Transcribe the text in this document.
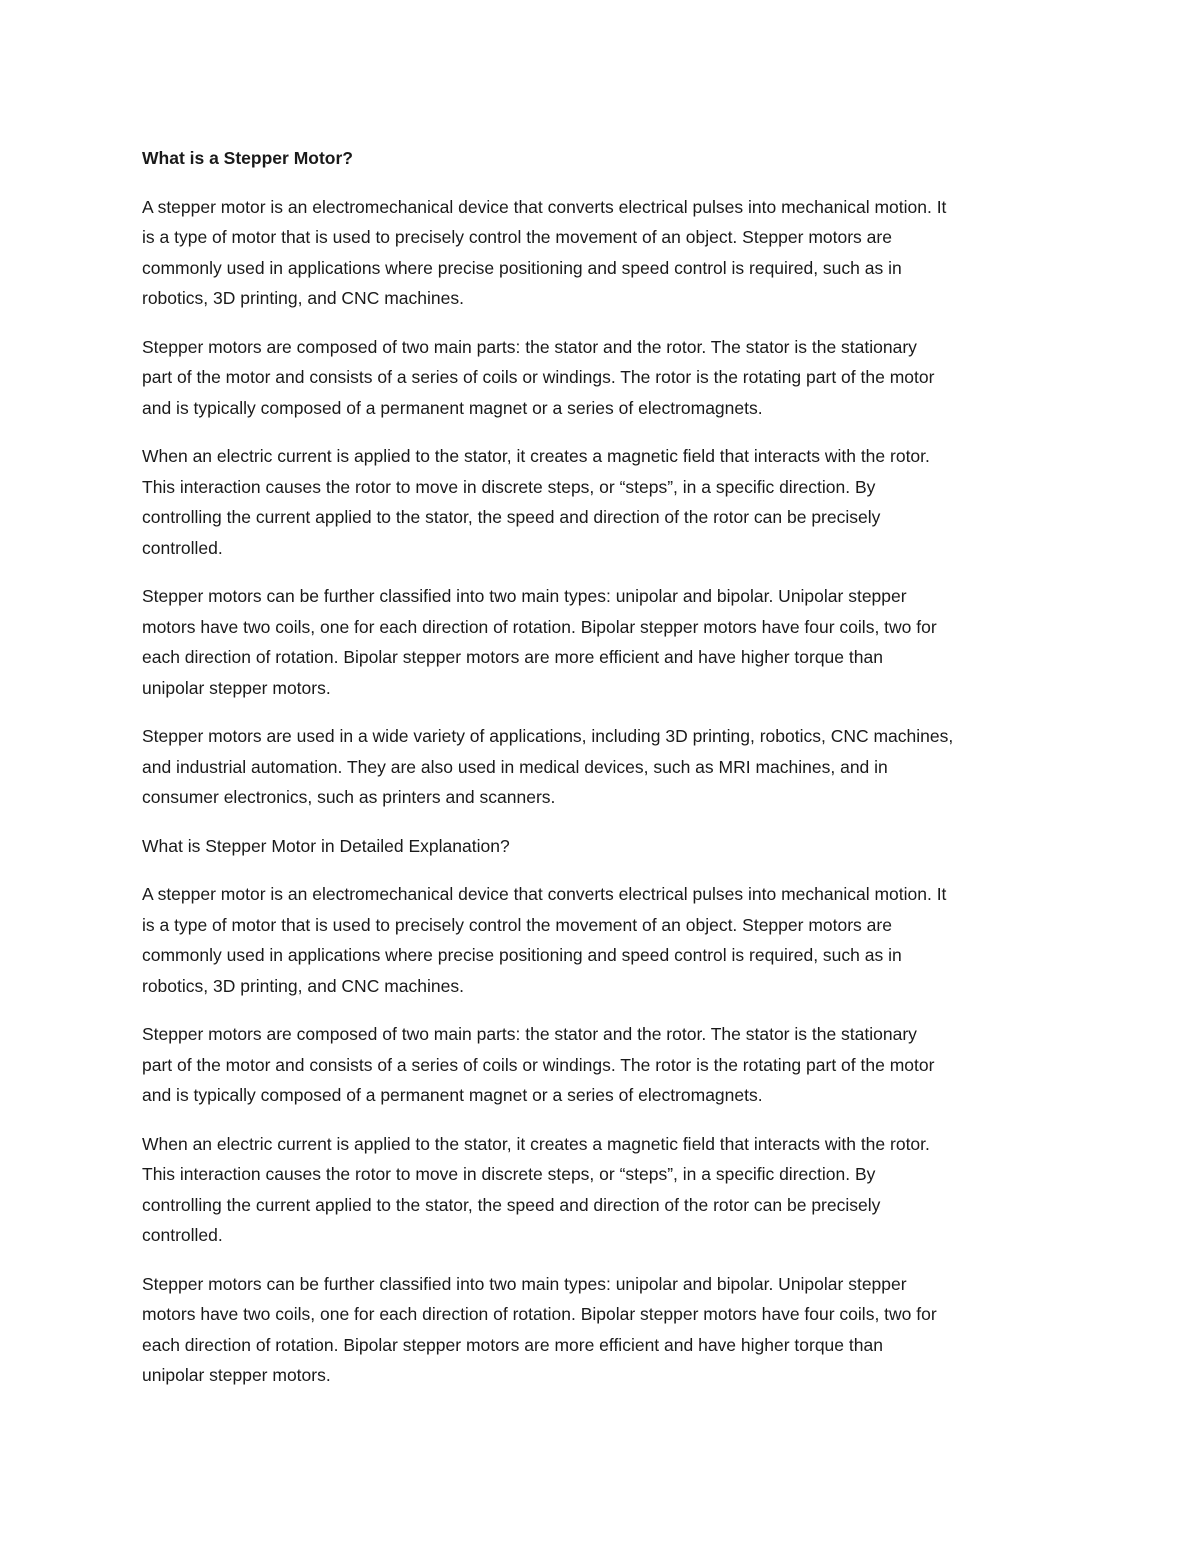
What is a Stepper Motor?

A stepper motor is an electromechanical device that converts electrical pulses into mechanical motion. It
is a type of motor that is used to precisely control the movement of an object. Stepper motors are
commonly used in applications where precise positioning and speed control is required, such as in
robotics, 3D printing, and CNC machines.

Stepper motors are composed of two main parts: the stator and the rotor. The stator is the stationary
part of the motor and consists of a series of coils or windings. The rotor is the rotating part of the motor
and is typically composed of a permanent magnet or a series of electromagnets.

When an electric current is applied to the stator, it creates a magnetic field that interacts with the rotor.
This interaction causes the rotor to move in discrete steps, or “steps”, in a specific direction. By
controlling the current applied to the stator, the speed and direction of the rotor can be precisely
controlled.

Stepper motors can be further classified into two main types: unipolar and bipolar. Unipolar stepper
motors have two coils, one for each direction of rotation. Bipolar stepper motors have four coils, two for
each direction of rotation. Bipolar stepper motors are more efficient and have higher torque than
unipolar stepper motors.

Stepper motors are used in a wide variety of applications, including 3D printing, robotics, CNC machines,
and industrial automation. They are also used in medical devices, such as MRI machines, and in
consumer electronics, such as printers and scanners.

What is Stepper Motor in Detailed Explanation?

A stepper motor is an electromechanical device that converts electrical pulses into mechanical motion. It
is a type of motor that is used to precisely control the movement of an object. Stepper motors are
commonly used in applications where precise positioning and speed control is required, such as in
robotics, 3D printing, and CNC machines.

Stepper motors are composed of two main parts: the stator and the rotor. The stator is the stationary
part of the motor and consists of a series of coils or windings. The rotor is the rotating part of the motor
and is typically composed of a permanent magnet or a series of electromagnets.

When an electric current is applied to the stator, it creates a magnetic field that interacts with the rotor.
This interaction causes the rotor to move in discrete steps, or “steps”, in a specific direction. By
controlling the current applied to the stator, the speed and direction of the rotor can be precisely
controlled.

Stepper motors can be further classified into two main types: unipolar and bipolar. Unipolar stepper
motors have two coils, one for each direction of rotation. Bipolar stepper motors have four coils, two for
each direction of rotation. Bipolar stepper motors are more efficient and have higher torque than
unipolar stepper motors.
